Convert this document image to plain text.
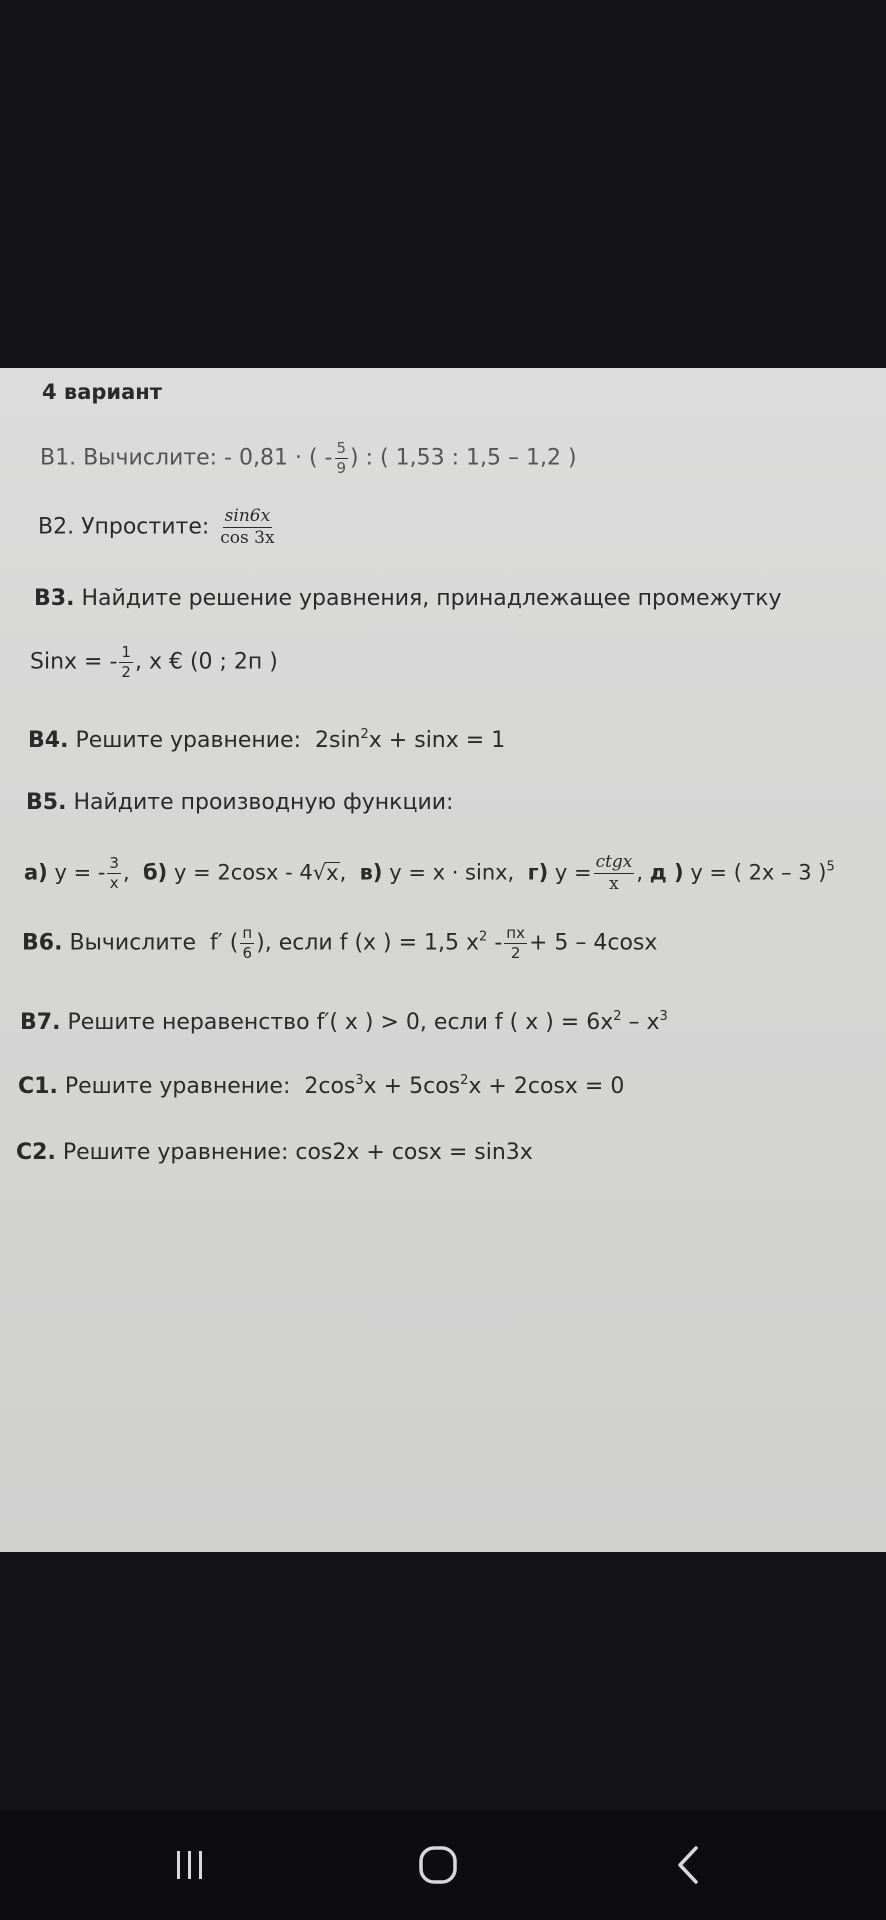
4 вариант
В1. Вычислите: - 0,81 · ( - $\frac{5}{9}$ ) : ( 1,53 : 1,5 – 1,2 )
В2. Упростите: $\frac{\sin 6x}{\cos 3x}$
В3. Найдите решение уравнения, принадлежащее промежутку
Sinx = - $\frac{1}{2}$ , x € (0 ; 2п )
В4. Решите уравнение: $2\sin^2x + \sin x = 1$
В5. Найдите производную функции:
а) y = - $\frac{3}{x}$ , б) y = 2cosx - 4√x, в) y = x · sinx, г) $y = \frac{\text{ctgx}}{x}$ , д ) y = ( 2x – 3 )$^5$
В6. Вычислите f′ ( $\frac{п}{6}$ ), если f (x ) = 1,5 $x^2 - \frac{пx}{2} + 5 - 4\cos x$
В7. Решите неравенство f′( x ) > 0, если f ( x ) = $6x^2 - x^3$
С1. Решите уравнение: $2\cos^3x + 5\cos^2x + 2\cos x = 0$
С2. Решите уравнение: cos2x + cosx = sin3x
